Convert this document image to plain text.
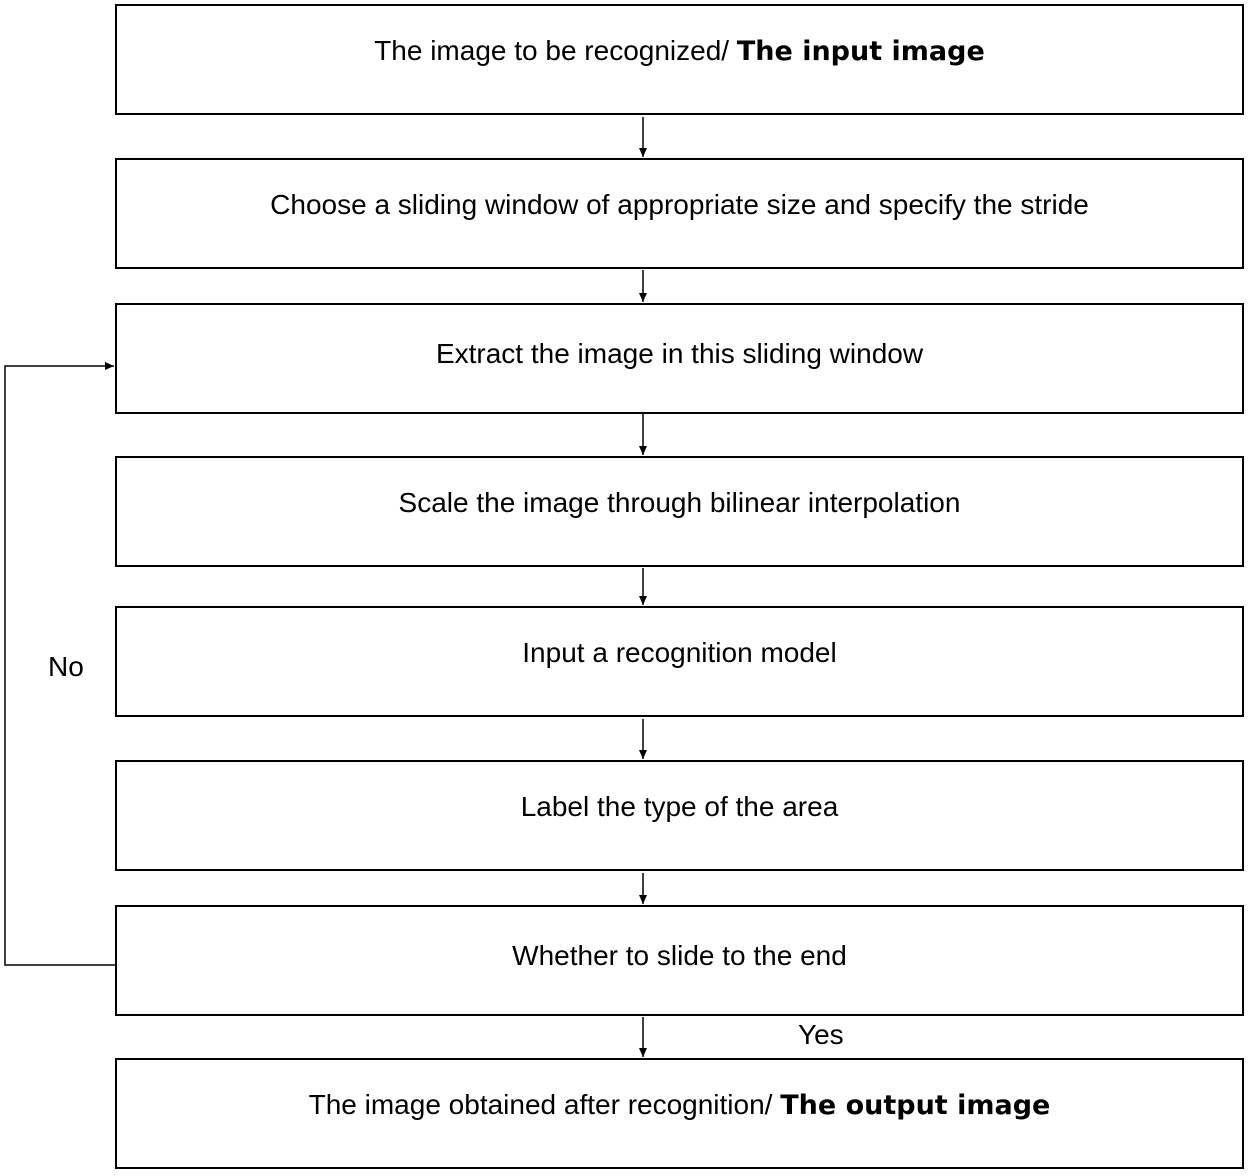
The image to be recognized/ The input image
Choose a sliding window of appropriate size and specify the stride
Extract the image in this sliding window
Scale the image through bilinear interpolation
Input a recognition model
Label the type of the area
Whether to slide to the end
The image obtained after recognition/ The output image
No
Yes
